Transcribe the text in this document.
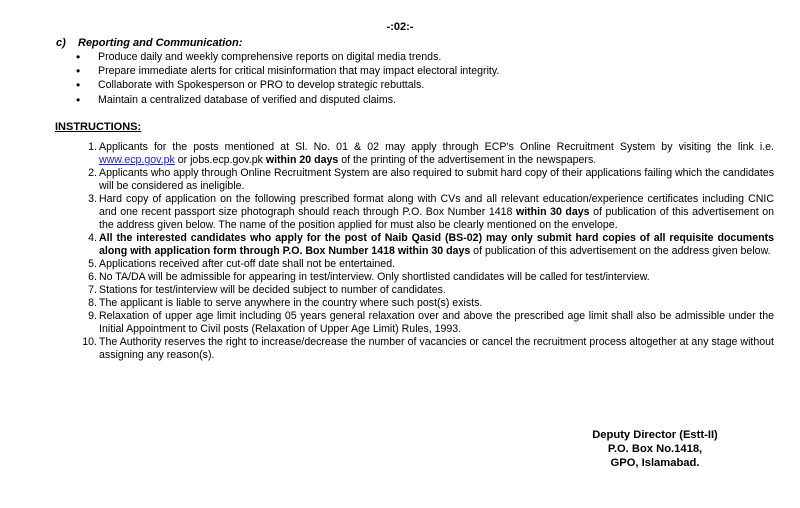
-:02:-
c) Reporting and Communication:
• Produce daily and weekly comprehensive reports on digital media trends.
• Prepare immediate alerts for critical misinformation that may impact electoral integrity.
• Collaborate with Spokesperson or PRO to develop strategic rebuttals.
• Maintain a centralized database of verified and disputed claims.
INSTRUCTIONS:
1. Applicants for the posts mentioned at Sl. No. 01 & 02 may apply through ECP’s Online Recruitment System by visiting the link i.e. www.ecp.gov.pk or jobs.ecp.gov.pk within 20 days of the printing of the advertisement in the newspapers.
2. Applicants who apply through Online Recruitment System are also required to submit hard copy of their applications failing which the candidates will be considered as ineligible.
3. Hard copy of application on the following prescribed format along with CVs and all relevant education/experience certificates including CNIC and one recent passport size photograph should reach through P.O. Box Number 1418 within 30 days of publication of this advertisement on the address given below. The name of the position applied for must also be clearly mentioned on the envelope.
4. All the interested candidates who apply for the post of Naib Qasid (BS-02) may only submit hard copies of all requisite documents along with application form through P.O. Box Number 1418 within 30 days of publication of this advertisement on the address given below.
5. Applications received after cut-off date shall not be entertained.
6. No TA/DA will be admissible for appearing in test/interview. Only shortlisted candidates will be called for test/interview.
7. Stations for test/interview will be decided subject to number of candidates.
8. The applicant is liable to serve anywhere in the country where such post(s) exists.
9. Relaxation of upper age limit including 05 years general relaxation over and above the prescribed age limit shall also be admissible under the Initial Appointment to Civil posts (Relaxation of Upper Age Limit) Rules, 1993.
10. The Authority reserves the right to increase/decrease the number of vacancies or cancel the recruitment process altogether at any stage without assigning any reason(s).
Deputy Director (Estt-II)
P.O. Box No.1418,
GPO, Islamabad.
